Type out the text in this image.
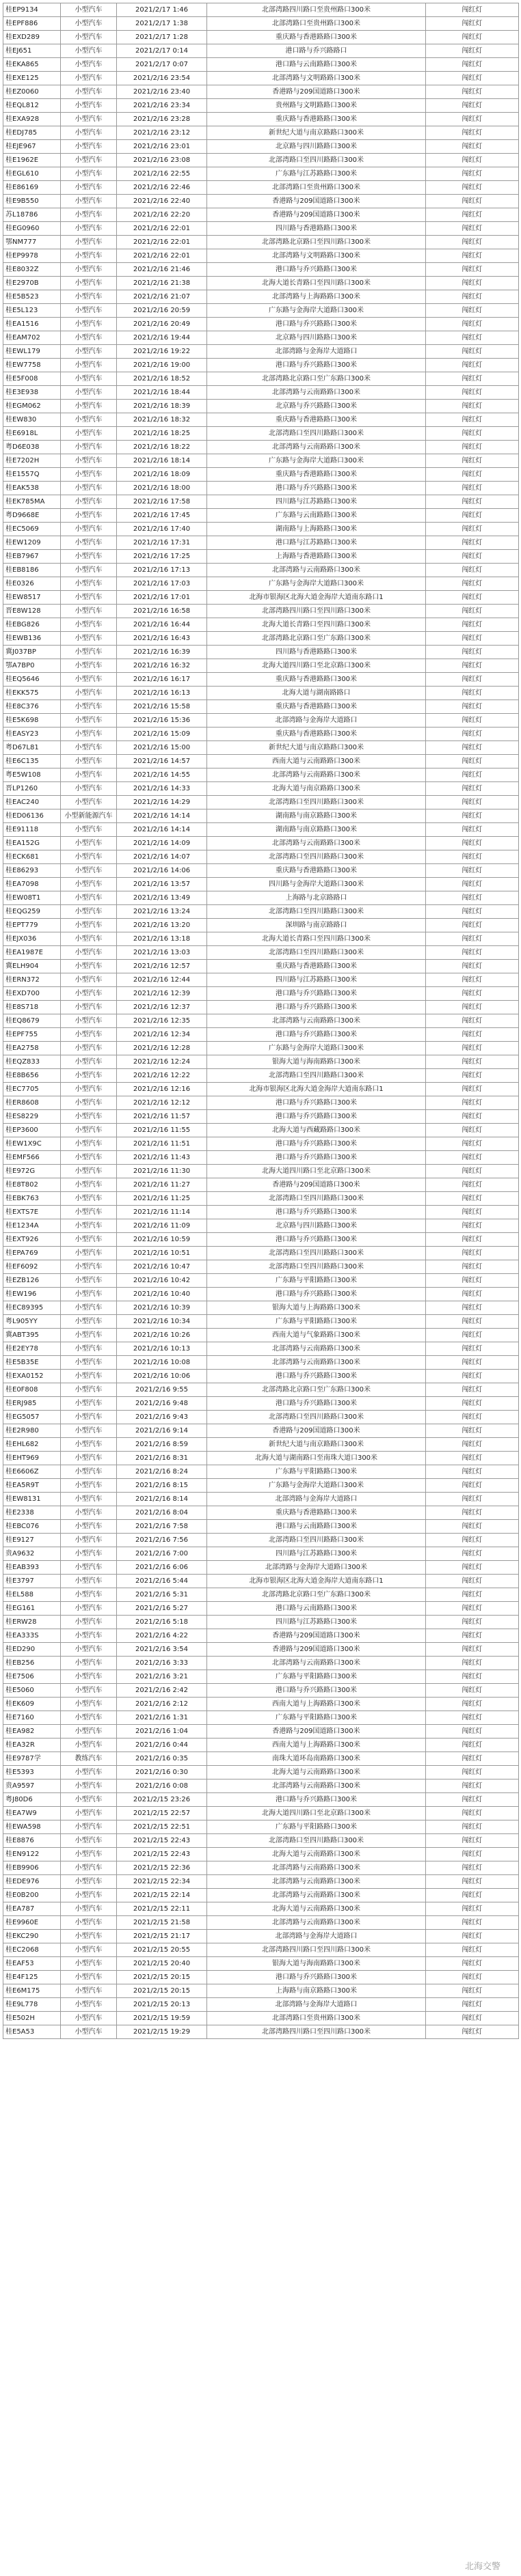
桂EP9134	小型汽车	2021/2/17 1:46	北部湾路四川路口至贵州路口300米	闯红灯
桂EPF886	小型汽车	2021/2/17 1:38	北部湾路口至贵州路口300米	闯红灯
桂EXD289	小型汽车	2021/2/17 1:28	重庆路与香港路路口300米	闯红灯
桂EJ651	小型汽车	2021/2/17 0:14	港口路与乔兴路路口	闯红灯
桂EKA865	小型汽车	2021/2/17 0:07	港口路与云南路路口300米	闯红灯
桂EXE125	小型汽车	2021/2/16 23:54	北部湾路与文明路路口300米	闯红灯
桂EZ0060	小型汽车	2021/2/16 23:40	香港路与209国道路口300米	闯红灯
桂EQL812	小型汽车	2021/2/16 23:34	贵州路与文明路路口300米	闯红灯
桂EXA928	小型汽车	2021/2/16 23:28	重庆路与香港路路口300米	闯红灯
桂EDJ785	小型汽车	2021/2/16 23:12	新世纪大道与南京路路口300米	闯红灯
桂EJE967	小型汽车	2021/2/16 23:01	北京路与四川路路口300米	闯红灯
桂E1962E	小型汽车	2021/2/16 23:08	北部湾路口至四川路路口300米	闯红灯
桂EGL610	小型汽车	2021/2/16 22:55	广东路与江苏路路口300米	闯红灯
桂E86169	小型汽车	2021/2/16 22:46	北部湾路口至贵州路口300米	闯红灯
桂E9B550	小型汽车	2021/2/16 22:40	香港路与209国道路口300米	闯红灯
苏L18786	小型汽车	2021/2/16 22:20	香港路与209国道路口300米	闯红灯
桂EG0960	小型汽车	2021/2/16 22:01	四川路与香港路路口300米	闯红灯
鄂NM777	小型汽车	2021/2/16 22:01	北部湾路北京路口至四川路口300米	闯红灯
桂EP9978	小型汽车	2021/2/16 22:01	北部湾路与文明路路口300米	闯红灯
桂E8032Z	小型汽车	2021/2/16 21:46	港口路与乔兴路路口300米	闯红灯
桂E2970B	小型汽车	2021/2/16 21:38	北海大道长青路口至四川路口300米	闯红灯
桂E5B523	小型汽车	2021/2/16 21:07	北部湾路与上海路路口300米	闯红灯
桂E5L123	小型汽车	2021/2/16 20:59	广东路与金海岸大道路口300米	闯红灯
桂EA1516	小型汽车	2021/2/16 20:49	港口路与乔兴路路口300米	闯红灯
桂EAM702	小型汽车	2021/2/16 19:44	北京路与四川路路口300米	闯红灯
桂EWL179	小型汽车	2021/2/16 19:22	北部湾路与金海岸大道路口	闯红灯
桂EW7758	小型汽车	2021/2/16 19:00	港口路与乔兴路路口300米	闯红灯
桂E5F008	小型汽车	2021/2/16 18:52	北部湾路北京路口至广东路口300米	闯红灯
桂E3E938	小型汽车	2021/2/16 18:44	北部湾路与云南路路口300米	闯红灯
桂EGM062	小型汽车	2021/2/16 18:39	北京路与乔兴路路口300米	闯红灯
桂EW830	小型汽车	2021/2/16 18:32	重庆路与香港路路口300米	闯红灯
桂E6918L	小型汽车	2021/2/16 18:25	北部湾路口至四川路路口300米	闯红灯
粤D6E038	小型汽车	2021/2/16 18:22	北部湾路与云南路路口300米	闯红灯
桂E7202H	小型汽车	2021/2/16 18:14	广东路与金海岸大道路口300米	闯红灯
桂E1557Q	小型汽车	2021/2/16 18:09	重庆路与香港路路口300米	闯红灯
桂EAK538	小型汽车	2021/2/16 18:00	港口路与乔兴路路口300米	闯红灯
桂EK785MA	小型汽车	2021/2/16 17:58	四川路与江苏路路口300米	闯红灯
粤D9668E	小型汽车	2021/2/16 17:45	广东路与云南路路口300米	闯红灯
桂EC5069	小型汽车	2021/2/16 17:40	湖南路与上海路路口300米	闯红灯
桂EW1209	小型汽车	2021/2/16 17:31	港口路与江苏路路口300米	闯红灯
桂EB7967	小型汽车	2021/2/16 17:25	上海路与香港路路口300米	闯红灯
桂EB8186	小型汽车	2021/2/16 17:13	北部湾路与云南路路口300米	闯红灯
桂E0326	小型汽车	2021/2/16 17:03	广东路与金海岸大道路口300米	闯红灯
桂EW8517	小型汽车	2021/2/16 17:01	北海市银海区北海大道金海岸大道南东路口1	闯红灯
晋E8W128	小型汽车	2021/2/16 16:58	北部湾路四川路口至四川路口300米	闯红灯
桂EBG826	小型汽车	2021/2/16 16:44	北海大道长青路口至四川路口300米	闯红灯
桂EWB136	小型汽车	2021/2/16 16:43	北部湾路北京路口至广东路口300米	闯红灯
冀J037BP	小型汽车	2021/2/16 16:39	四川路与香港路路口300米	闯红灯
鄂A7BP0	小型汽车	2021/2/16 16:32	北海大道四川路口至北京路口300米	闯红灯
桂EQ5646	小型汽车	2021/2/16 16:17	重庆路与香港路路口300米	闯红灯
桂EKK575	小型汽车	2021/2/16 16:13	北海大道与湖南路路口	闯红灯
桂E8C376	小型汽车	2021/2/16 15:58	重庆路与香港路路口300米	闯红灯
桂E5K698	小型汽车	2021/2/16 15:36	北部湾路与金海岸大道路口	闯红灯
桂EASY23	小型汽车	2021/2/16 15:09	重庆路与香港路路口300米	闯红灯
粤D67L81	小型汽车	2021/2/16 15:00	新世纪大道与南京路路口300米	闯红灯
桂E6C135	小型汽车	2021/2/16 14:57	西南大道与云南路路口300米	闯红灯
粤E5W108	小型汽车	2021/2/16 14:55	北部湾路与云南路路口300米	闯红灯
晋LP1260	小型汽车	2021/2/16 14:33	北海大道与南京路路口300米	闯红灯
桂EAC240	小型汽车	2021/2/16 14:29	北部湾路口至四川路路口300米	闯红灯
桂ED06136	小型新能源汽车	2021/2/16 14:14	湖南路与南京路路口300米	闯红灯
桂E91118	小型汽车	2021/2/16 14:14	湖南路与南京路路口300米	闯红灯
桂EA152G	小型汽车	2021/2/16 14:09	北部湾路与云南路路口300米	闯红灯
桂ECK681	小型汽车	2021/2/16 14:07	北部湾路口至四川路路口300米	闯红灯
桂E86293	小型汽车	2021/2/16 14:06	重庆路与香港路路口300米	闯红灯
桂EA7098	小型汽车	2021/2/16 13:57	四川路与金海岸大道路口300米	闯红灯
桂EW08T1	小型汽车	2021/2/16 13:49	上海路与北京路路口	闯红灯
桂EQG259	小型汽车	2021/2/16 13:24	北部湾路口至四川路路口300米	闯红灯
桂EPT779	小型汽车	2021/2/16 13:20	深圳路与南京路路口	闯红灯
桂EJX036	小型汽车	2021/2/16 13:18	北海大道长青路口至四川路口300米	闯红灯
桂EA1987E	小型汽车	2021/2/16 13:03	北部湾路口至四川路路口300米	闯红灯
冀ELH904	小型汽车	2021/2/16 12:57	重庆路与香港路路口300米	闯红灯
桂ERN372	小型汽车	2021/2/16 12:44	四川路与江苏路路口300米	闯红灯
桂EXD700	小型汽车	2021/2/16 12:39	港口路与乔兴路路口300米	闯红灯
桂E8S718	小型汽车	2021/2/16 12:37	港口路与乔兴路路口300米	闯红灯
桂EQ8679	小型汽车	2021/2/16 12:35	北部湾路与云南路路口300米	闯红灯
桂EPF755	小型汽车	2021/2/16 12:34	港口路与乔兴路路口300米	闯红灯
桂EA2758	小型汽车	2021/2/16 12:28	广东路与金海岸大道路口300米	闯红灯
桂EQZ833	小型汽车	2021/2/16 12:24	银海大道与海南路路口300米	闯红灯
桂E8B656	小型汽车	2021/2/16 12:22	北部湾路口至四川路路口300米	闯红灯
桂EC7705	小型汽车	2021/2/16 12:16	北海市银海区北海大道金海岸大道南东路口1	闯红灯
桂ER8608	小型汽车	2021/2/16 12:12	港口路与乔兴路路口300米	闯红灯
桂ES8229	小型汽车	2021/2/16 11:57	港口路与乔兴路路口300米	闯红灯
桂EP3600	小型汽车	2021/2/16 11:55	北海大道与西藏路路口300米	闯红灯
桂EW1X9C	小型汽车	2021/2/16 11:51	港口路与乔兴路路口300米	闯红灯
桂EMF566	小型汽车	2021/2/16 11:43	港口路与乔兴路路口300米	闯红灯
桂E972G	小型汽车	2021/2/16 11:30	北海大道四川路口至北京路口300米	闯红灯
桂E8T802	小型汽车	2021/2/16 11:27	香港路与209国道路口300米	闯红灯
桂EBK763	小型汽车	2021/2/16 11:25	北部湾路口至四川路路口300米	闯红灯
桂EXTS7E	小型汽车	2021/2/16 11:14	港口路与乔兴路路口300米	闯红灯
桂E1234A	小型汽车	2021/2/16 11:09	北京路与四川路路口300米	闯红灯
桂EXT926	小型汽车	2021/2/16 10:59	港口路与乔兴路路口300米	闯红灯
桂EPA769	小型汽车	2021/2/16 10:51	北部湾路口至四川路路口300米	闯红灯
桂EF6092	小型汽车	2021/2/16 10:47	北部湾路口至四川路路口300米	闯红灯
桂EZB126	小型汽车	2021/2/16 10:42	广东路与平阳路路口300米	闯红灯
桂EW196	小型汽车	2021/2/16 10:40	港口路与乔兴路路口300米	闯红灯
桂EC89395	小型汽车	2021/2/16 10:39	银海大道与上海路路口300米	闯红灯
粤L905YY	小型汽车	2021/2/16 10:34	广东路与平阳路路口300米	闯红灯
冀ABT395	小型汽车	2021/2/16 10:26	西南大道与气象路路口300米	闯红灯
桂E2EY78	小型汽车	2021/2/16 10:13	北部湾路与云南路路口300米	闯红灯
桂E5B35E	小型汽车	2021/2/16 10:08	北部湾路与云南路路口300米	闯红灯
桂EXA0152	小型汽车	2021/2/16 10:06	港口路与乔兴路路口300米	闯红灯
桂E0F808	小型汽车	2021/2/16 9:55	北部湾路北京路口至广东路口300米	闯红灯
桂ERJ985	小型汽车	2021/2/16 9:48	港口路与乔兴路路口300米	闯红灯
桂EG5057	小型汽车	2021/2/16 9:43	北部湾路口至四川路路口300米	闯红灯
桂E2R980	小型汽车	2021/2/16 9:14	香港路与209国道路口300米	闯红灯
桂EHL682	小型汽车	2021/2/16 8:59	新世纪大道与南京路路口300米	闯红灯
桂EHT969	小型汽车	2021/2/16 8:31	北海大道与湖南路口至南珠大道口300米	闯红灯
桂E6606Z	小型汽车	2021/2/16 8:24	广东路与平阳路路口300米	闯红灯
桂EA5R9T	小型汽车	2021/2/16 8:15	广东路与金海岸大道路口300米	闯红灯
桂EW8131	小型汽车	2021/2/16 8:14	北部湾路与金海岸大道路口	闯红灯
桂E2338	小型汽车	2021/2/16 8:04	重庆路与香港路路口300米	闯红灯
桂EBC076	小型汽车	2021/2/16 7:58	港口路与云南路路口300米	闯红灯
桂E9127	小型汽车	2021/2/16 7:56	北部湾路口至四川路路口300米	闯红灯
贵A9632	小型汽车	2021/2/16 7:00	四川路与江苏路路口300米	闯红灯
桂EAB393	小型汽车	2021/2/16 6:06	北部湾路与金海岸大道路口300米	闯红灯
桂E3797	小型汽车	2021/2/16 5:44	北海市银海区北海大道金海岸大道南东路口1	闯红灯
桂EL588	小型汽车	2021/2/16 5:31	北部湾路北京路口至广东路口300米	闯红灯
桂EG161	小型汽车	2021/2/16 5:27	港口路与云南路路口300米	闯红灯
桂ERW28	小型汽车	2021/2/16 5:18	四川路与江苏路路口300米	闯红灯
桂EA333S	小型汽车	2021/2/16 4:22	香港路与209国道路口300米	闯红灯
桂ED290	小型汽车	2021/2/16 3:54	香港路与209国道路口300米	闯红灯
桂EB256	小型汽车	2021/2/16 3:33	北部湾路与云南路路口300米	闯红灯
桂E7506	小型汽车	2021/2/16 3:21	广东路与平阳路路口300米	闯红灯
桂E5060	小型汽车	2021/2/16 2:42	港口路与乔兴路路口300米	闯红灯
桂EK609	小型汽车	2021/2/16 2:12	西南大道与上海路路口300米	闯红灯
桂E7160	小型汽车	2021/2/16 1:31	广东路与平阳路路口300米	闯红灯
桂EA982	小型汽车	2021/2/16 1:04	香港路与209国道路口300米	闯红灯
桂EA32R	小型汽车	2021/2/16 0:44	西南大道与上海路路口300米	闯红灯
桂E9787学	教练汽车	2021/2/16 0:35	南珠大道环岛南路路口300米	闯红灯
桂E5393	小型汽车	2021/2/16 0:30	北海大道与云南路路口300米	闯红灯
贵A9597	小型汽车	2021/2/16 0:08	北部湾路与云南路路口300米	闯红灯
粤J80D6	小型汽车	2021/2/15 23:26	港口路与乔兴路路口300米	闯红灯
桂EA7W9	小型汽车	2021/2/15 22:57	北海大道四川路口至北京路口300米	闯红灯
桂EWA598	小型汽车	2021/2/15 22:51	广东路与平阳路路口300米	闯红灯
桂E8876	小型汽车	2021/2/15 22:43	北部湾路口至四川路路口300米	闯红灯
桂EN9122	小型汽车	2021/2/15 22:43	北海大道与云南路路口300米	闯红灯
桂EB9906	小型汽车	2021/2/15 22:36	北部湾路与云南路路口300米	闯红灯
桂EDE976	小型汽车	2021/2/15 22:34	北部湾路与云南路路口300米	闯红灯
桂E0B200	小型汽车	2021/2/15 22:14	北部湾路与云南路路口300米	闯红灯
桂EA787	小型汽车	2021/2/15 22:11	北海大道与云南路路口300米	闯红灯
桂E9960E	小型汽车	2021/2/15 21:58	北部湾路与云南路路口300米	闯红灯
桂EKC290	小型汽车	2021/2/15 21:17	北部湾路与金海岸大道路口	闯红灯
桂EC2068	小型汽车	2021/2/15 20:55	北部湾路四川路口至四川路口300米	闯红灯
桂EAF53	小型汽车	2021/2/15 20:40	银海大道与海南路路口300米	闯红灯
桂E4F125	小型汽车	2021/2/15 20:15	港口路与乔兴路路口300米	闯红灯
桂E6M175	小型汽车	2021/2/15 20:15	上海路与南京路路口300米	闯红灯
桂E9L778	小型汽车	2021/2/15 20:13	北部湾路与金海岸大道路口	闯红灯
桂E502H	小型汽车	2021/2/15 19:59	北部湾路口至贵州路口300米	闯红灯
桂E5A53	小型汽车	2021/2/15 19:29	北部湾路四川路口至四川路口300米	闯红灯
北海交警
